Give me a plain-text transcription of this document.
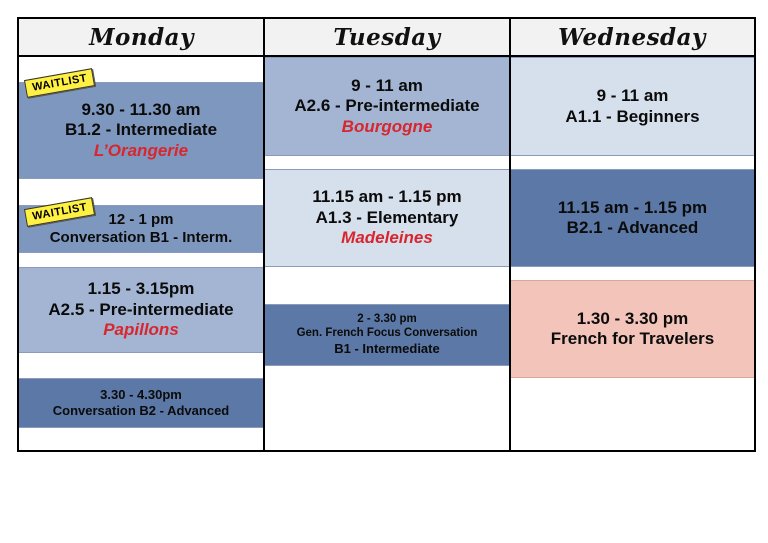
Monday	Tuesday	Wednesday
9.30 - 11.30 am
B1.2 - Intermediate
L’Orangerie
12 - 1 pm
Conversation B1 - Interm.
1.15 - 3.15pm
A2.5 - Pre-intermediate
Papillons
3.30 - 4.30pm
Conversation B2 - Advanced
WAITLIST
WAITLIST
9 - 11 am
A2.6 - Pre-intermediate
Bourgogne
11.15 am - 1.15 pm
A1.3 - Elementary
Madeleines
2 - 3.30 pm
Gen. French Focus Conversation
B1 - Intermediate
9 - 11 am
A1.1 - Beginners
11.15 am - 1.15 pm
B2.1 - Advanced
1.30 - 3.30 pm
French for Travelers
